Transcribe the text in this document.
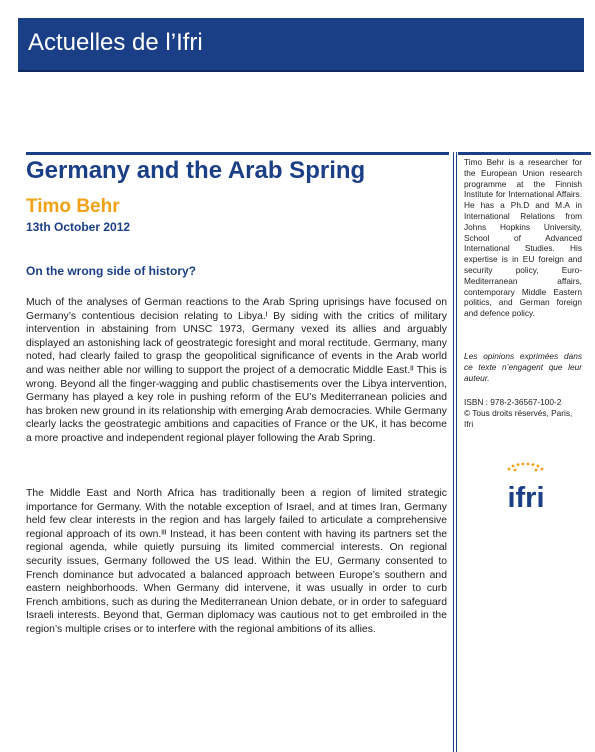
Actuelles de l’Ifri
Germany and the Arab Spring
Timo Behr
13th October 2012
On the wrong side of history?

Much of the analyses of German reactions to the Arab Spring uprisings have focused on Germany’s contentious decision relating to Libya.ᴵ By siding with the critics of military intervention in abstaining from UNSC 1973, Germany vexed its allies and arguably displayed an astonishing lack of geostrategic foresight and moral rectitude. Germany, many noted, had clearly failed to grasp the geopolitical significance of events in the Arab world and was neither able nor willing to support the project of a democratic Middle East.ᴵᴵ This is wrong. Beyond all the finger-wagging and public chastisements over the Libya intervention, Germany has played a key role in pushing reform of the EU’s Mediterranean policies and has broken new ground in its relationship with emerging Arab democracies. While Germany clearly lacks the geostrategic ambitions and capacities of France or the UK, it has become a more proactive and independent regional player following the Arab Spring.

The Middle East and North Africa has traditionally been a region of limited strategic importance for Germany. With the notable exception of Israel, and at times Iran, Germany held few clear interests in the region and has largely failed to articulate a comprehensive regional approach of its own.ᴵᴵᴵ Instead, it has been content with having its partners set the regional agenda, while quietly pursuing its limited commercial interests. On regional security issues, Germany followed the US lead. Within the EU, Germany consented to French dominance but advocated a balanced approach between Europe’s southern and eastern neighborhoods. When Germany did intervene, it was usually in order to curb French ambitions, such as during the Mediterranean Union debate, or in order to safeguard Israeli interests. Beyond that, German diplomacy was cautious not to get embroiled in the region’s multiple crises or to interfere with the regional ambitions of its allies.

Timo Behr is a researcher for the European Union research programme at the Finnish Institute for International Affairs. He has a Ph.D and M.A in International Relations from Johns Hopkins University, School of Advanced International Studies. His expertise is in EU foreign and security policy, Euro-Mediterranean affairs, contemporary Middle Eastern politics, and German foreign and defence policy.

Les opinions exprimées dans ce texte n’engagent que leur auteur.

ISBN : 978-2-36567-100-2

© Tous droits réservés, Paris, Ifri

ifri
